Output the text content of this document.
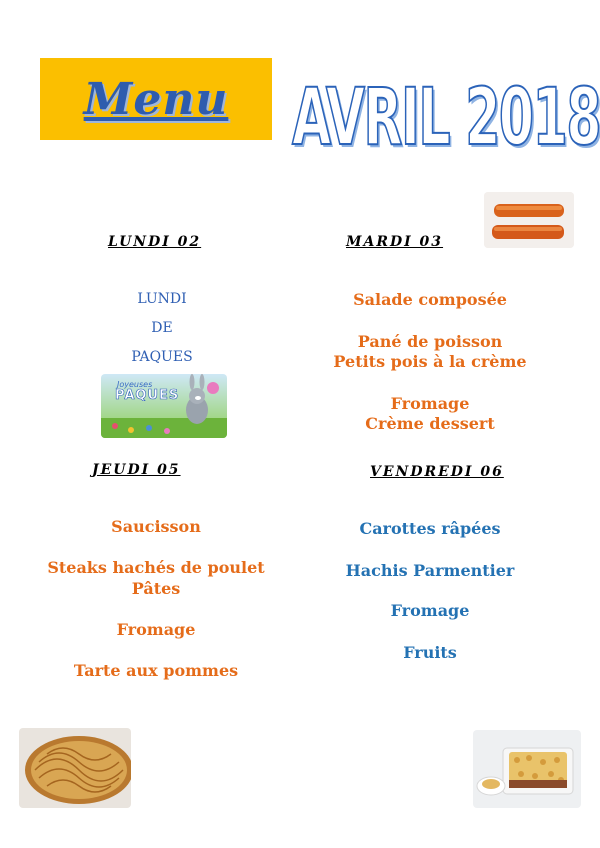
Menu AVRIL 2018
LUNDI 02	MARDI 03
LUNDI
DE
PAQUES
Joyeuses
PAQUES
Salade composée
Pané de poisson
Petits pois à la crème
Fromage
Crème dessert
JEUDI 05	VENDREDI 06
Saucisson
Steaks hachés de poulet
Pâtes
Fromage
Tarte aux pommes
Carottes râpées
Hachis Parmentier
Fromage
Fruits
